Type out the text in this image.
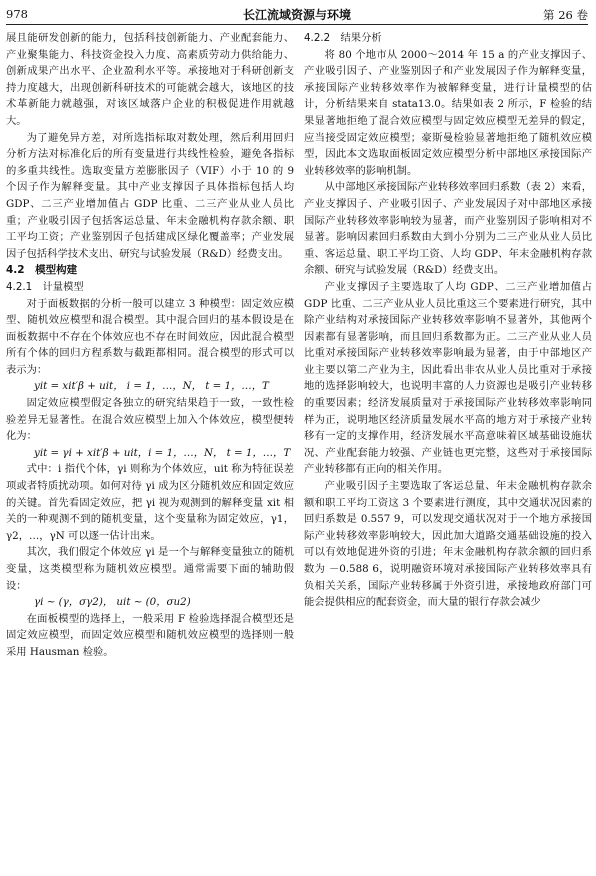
978	长江流域资源与环境	第 26 卷

展且能研发创新的能力，包括科技创新能力、产业配套能力、产业聚集能力、科技资金投入力度、高素质劳动力供给能力、创新成果产出水平、企业盈利水平等。承接地对于科研创新支持力度越大，出现创新科研技术的可能就会越大，该地区的技术革新能力就越强，对该区域落户企业的积极促进作用就越大。

为了避免异方差，对所选指标取对数处理，然后利用回归分析方法对标准化后的所有变量进行共线性检验，避免各指标的多重共线性。选取变量方差膨胀因子（VIF）小于 10 的 9 个因子作为解释变量。其中产业支撑因子具体指标包括人均 GDP、二三产业增加值占 GDP 比重、二三产业从业人员比重；产业吸引因子包括客运总量、年末金融机构存款余额、职工平均工资；产业鉴别因子包括建成区绿化覆盖率；产业发展因子包括科学技术支出、研究与试验发展（R&D）经费支出。

4.2　模型构建
4.2.1　计量模型

对于面板数据的分析一般可以建立 3 种模型：固定效应模型、随机效应模型和混合模型。其中混合回归的基本假设是在面板数据中不存在个体效应也不存在时间效应，因此混合模型所有个体的回归方程系数与截距都相同。混合模型的形式可以表示为：

yit = xit′β + uit， i = 1，…，N， t = 1，…，T

固定效应模型假定各独立的研究结果趋于一致，一致性检验差异无显著性。在混合效应模型上加入个体效应，模型便转化为：

yit = γi + xit′β + uit，i = 1，…，N， t = 1，…，T

式中：i 指代个体，γi 则称为个体效应，uit 称为特征误差项或者特质扰动项。如何对待 γi 成为区分随机效应和固定效应的关键。首先看固定效应，把 γi 视为观测到的解释变量 xit 相关的一种观测不到的随机变量，这个变量称为固定效应，γ1，γ2，…，γN 可以逐一估计出来。

其次，我们假定个体效应 γi 是一个与解释变量独立的随机变量，这类模型称为随机效应模型。通常需要下面的辅助假设：

γi ~ (γ，σγ2)， uit ~ (0，σu2)

在面板模型的选择上，一般采用 F 检验选择混合模型还是固定效应模型，而固定效应模型和随机效应模型的选择则一般采用 Hausman 检验。

4.2.2　结果分析

将 80 个地市从 2000～2014 年 15 a 的产业支撑因子、产业吸引因子、产业鉴别因子和产业发展因子作为解释变量，承接国际产业转移效率作为被解释变量，进行计量模型的估计，分析结果来自 stata13.0。结果如表 2 所示，F 检验的结果显著地拒绝了混合效应模型与固定效应模型无差异的假定，应当接受固定效应模型；豪斯曼检验显著地拒绝了随机效应模型，因此本文选取面板固定效应模型分析中部地区承接国际产业转移效率的影响机制。

从中部地区承接国际产业转移效率回归系数（表 2）来看，产业支撑因子、产业吸引因子、产业发展因子对中部地区承接国际产业转移效率影响较为显著，而产业鉴别因子影响相对不显著。影响因素回归系数由大到小分别为二三产业从业人员比重、客运总量、职工平均工资、人均 GDP、年末金融机构存款余额、研究与试验发展（R&D）经费支出。

产业支撑因子主要选取了人均 GDP、二三产业增加值占 GDP 比重、二三产业从业人员比重这三个要素进行研究，其中除产业结构对承接国际产业转移效率影响不显著外，其他两个因素都有显著影响，而且回归系数都为正。二三产业从业人员比重对承接国际产业转移效率影响最为显著，由于中部地区产业主要以第二产业为主，因此看出非农从业人员比重对于承接地的选择影响较大，也说明丰富的人力资源也是吸引产业转移的重要因素；经济发展质量对于承接国际产业转移效率影响同样为正，说明地区经济质量发展水平高的地方对于承接产业转移有一定的支撑作用，经济发展水平高意味着区域基础设施状况、产业配套能力较强、产业链也更完整，这些对于承接国际产业转移都有正向的相关作用。

产业吸引因子主要选取了客运总量、年末金融机构存款余额和职工平均工资这 3 个要素进行测度，其中交通状况因素的回归系数是 0.557 9，可以发现交通状况对于一个地方承接国际产业转移效率影响较大，因此加大道路交通基础设施的投入可以有效地促进外资的引进；年末金融机构存款余额的回归系数为 －0.588 6，说明融资环境对承接国际产业转移效率具有负相关关系，国际产业转移属于外资引进，承接地政府部门可能会提供相应的配套资金，而大量的银行存款会减少
